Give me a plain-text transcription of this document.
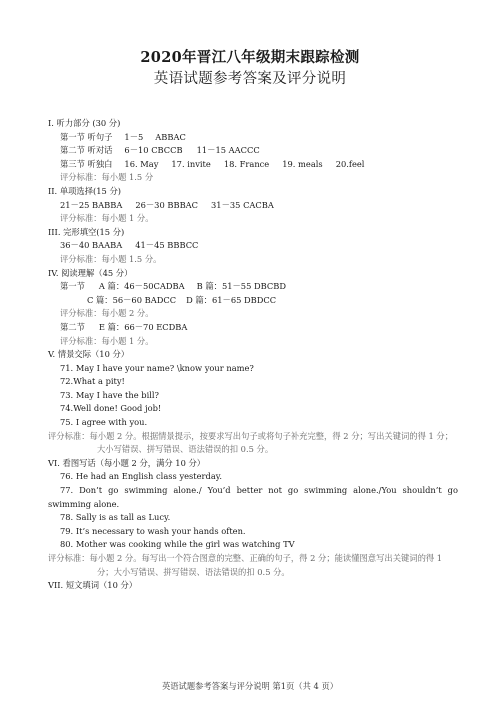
2020年晋江八年级期末跟踪检测
英语试题参考答案及评分说明
I. 听力部分 (30 分)
第一节 听句子 1－5 ABBAC
第二节 听对话 6－10 CBCCB 11－15 AACCC
第三节 听独白 16. May 17. invite 18. France 19. meals 20.feel
评分标准：每小题 1.5 分
II. 单项选择(15 分)
21－25 BABBA 26－30 BBBAC 31－35 CACBA
评分标准：每小题 1 分。
III. 完形填空(15 分)
36－40 BAABA 41－45 BBBCC
评分标准：每小题 1.5 分。
IV. 阅读理解（45 分）
第一节 A 篇：46－50CADBA B 篇：51－55 DBCBD
C 篇：56－60 BADCC D 篇：61－65 DBDCC
评分标准：每小题 2 分。
第二节 E 篇：66－70 ECDBA
评分标准：每小题 1 分。
V. 情景交际（10 分）
71. May I have your name? \know your name?
72.What a pity!
73. May I have the bill?
74.Well done! Good job!
75. I agree with you.
评分标准：每小题 2 分。根据情景提示，按要求写出句子或将句子补充完整，得 2 分；写出关键词的得 1 分；大小写错误、拼写错误、语法错误的扣 0.5 分。
VI. 看图写话（每小题 2 分，满分 10 分）
76. He had an English class yesterday.
77. Don’t go swimming alone./ You’d better not go swimming alone./You shouldn’t go swimming alone.
78. Sally is as tall as Lucy.
79. It’s necessary to wash your hands often.
80. Mother was cooking while the girl was watching TV
评分标准：每小题 2 分。每写出一个符合图意的完整、正确的句子，得 2 分；能读懂图意写出关键词的得 1 分；大小写错误、拼写错误、语法错误的扣 0.5 分。
VII. 短文填词（10 分）
英语试题参考答案与评分说明 第1页（共 4 页）
